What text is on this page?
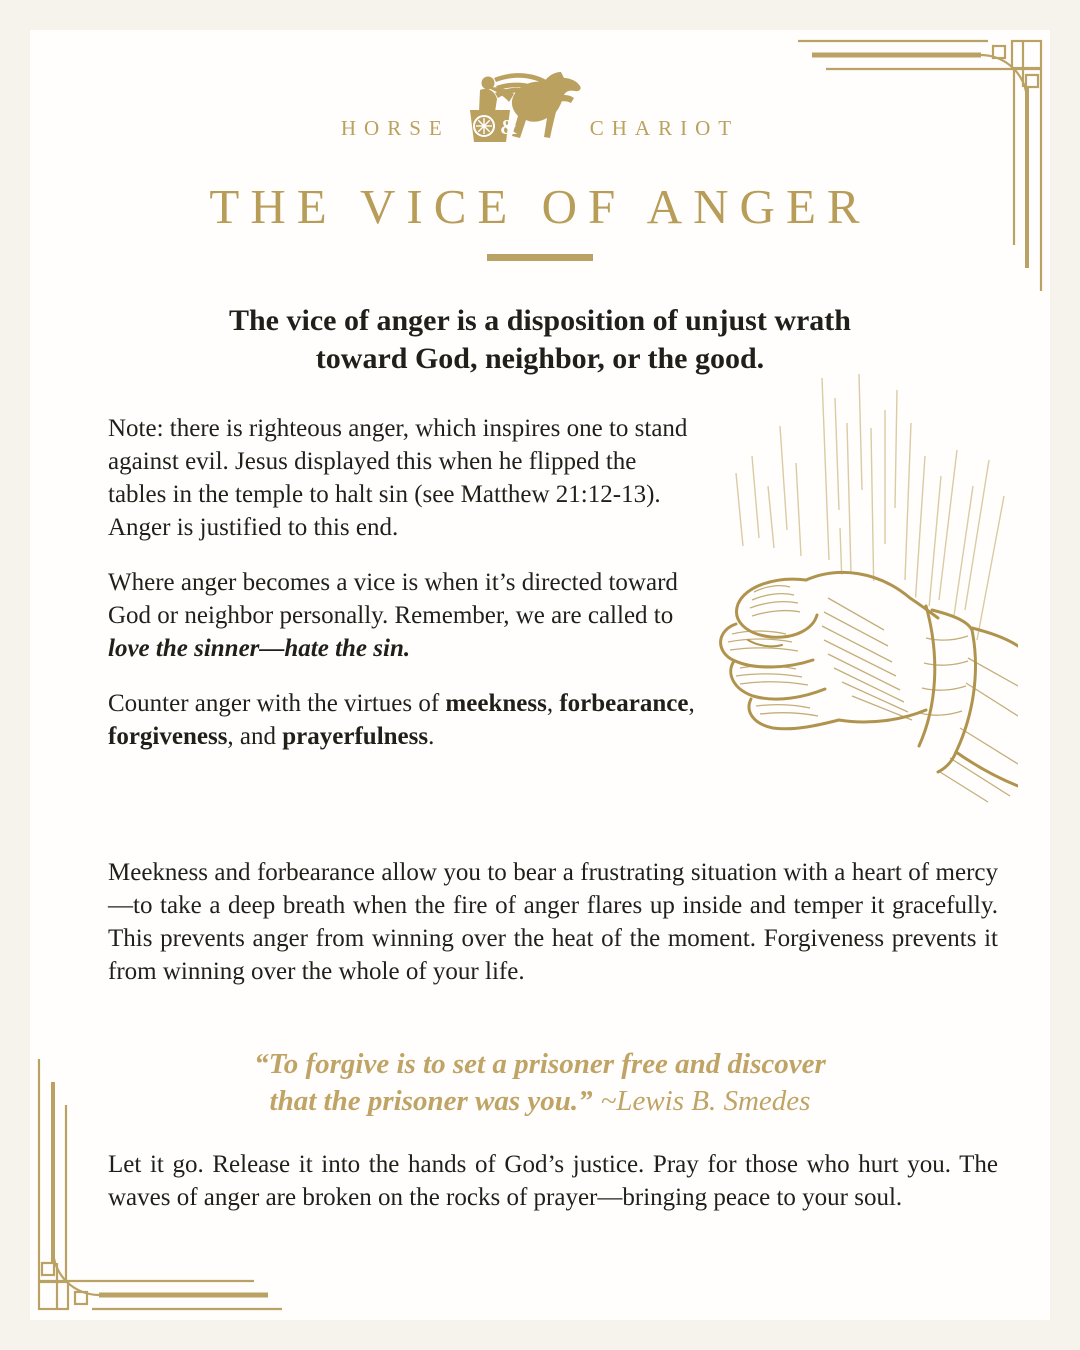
HORSE &	CHARIOT
THE VICE OF ANGER
The vice of anger is a disposition of unjust wrath
toward God, neighbor, or the good.

Note: there is righteous anger, which inspires one to stand against evil. Jesus displayed this when he flipped the tables in the temple to halt sin (see Matthew 21:12-13). Anger is justified to this end.

Where anger becomes a vice is when it’s directed toward God or neighbor personally. Remember, we are called to love the sinner—hate the sin.

Counter anger with the virtues of meekness, forbearance, forgiveness, and prayerfulness.

Meekness and forbearance allow you to bear a frustrating situation with a heart of mercy—to take a deep breath when the fire of anger flares up inside and temper it gracefully. This prevents anger from winning over the heat of the moment. Forgiveness prevents it from winning over the whole of your life.

“To forgive is to set a prisoner free and discover
that the prisoner was you.” ~Lewis B. Smedes

Let it go. Release it into the hands of God’s justice. Pray for those who hurt you. The waves of anger are broken on the rocks of prayer—bringing peace to your soul.
